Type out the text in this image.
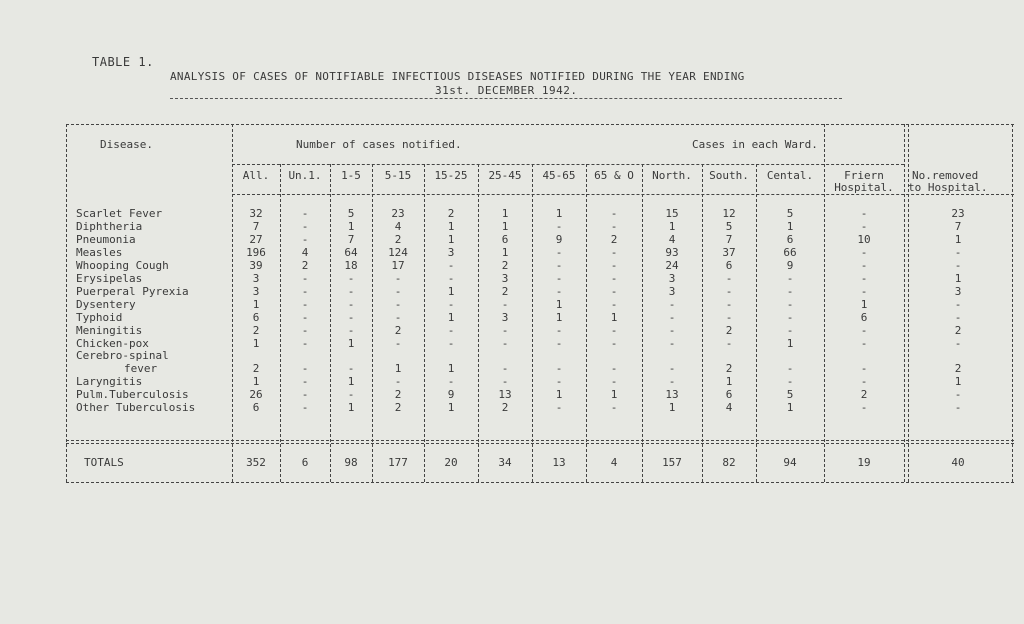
TABLE 1.
ANALYSIS OF CASES OF NOTIFIABLE INFECTIOUS DISEASES NOTIFIED DURING THE YEAR ENDING
31st. DECEMBER 1942.
Disease.	Number of cases notified.	Cases in each Ward.
No.removed
to Hospital.
All.	Un.1.	1-5	5-15	15-25	25-45	45-65	65 & O	North.	South.	Cental.	Friern
Hospital.
Scarlet Fever	32	-	5	23	2	1	1	-	15	12	5	-	23
Diphtheria	7	-	1	4	1	1	-	-	1	5	1	-	7
Pneumonia	27	-	7	2	1	6	9	2	4	7	6	10	1
Measles	196	4	64	124	3	1	-	-	93	37	66	-	-
Whooping Cough	39	2	18	17	-	2	-	-	24	6	9	-	-
Erysipelas	3	-	-	-	-	3	-	-	3	-	-	-	1
Puerperal Pyrexia	3	-	-	-	1	2	-	-	3	-	-	-	3
Dysentery	1	-	-	-	-	-	1	-	-	-	-	1	-
Typhoid	6	-	-	-	1	3	1	1	-	-	-	6	-
Meningitis	2	-	-	2	-	-	-	-	-	2	-	-	2
Chicken-pox	1	-	1	-	-	-	-	-	-	-	1	-	-
Cerebro-spinal
fever	2	-	-	1	1	-	-	-	-	2	-	-	2
Laryngitis	1	-	1	-	-	-	-	-	-	1	-	-	1
Pulm.Tuberculosis	26	-	-	2	9	13	1	1	13	6	5	2	-
Other Tuberculosis	6	-	1	2	1	2	-	-	1	4	1	-	-
TOTALS	352	6	98	177	20	34	13	4	157	82	94	19	40
